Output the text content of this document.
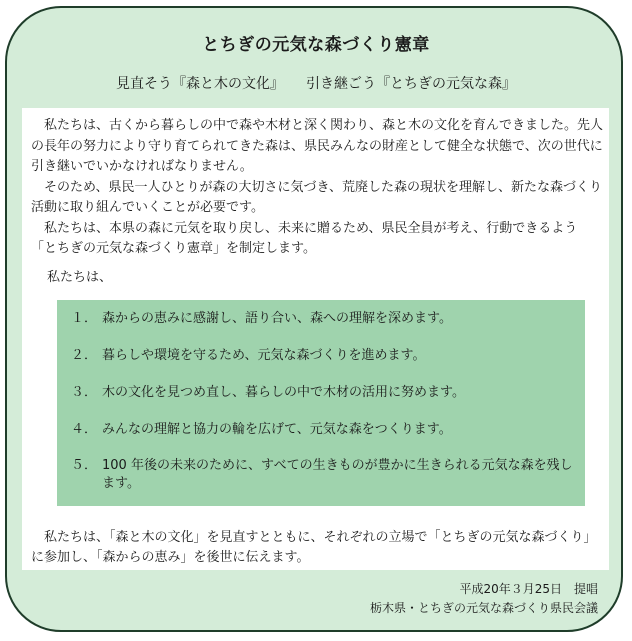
とちぎの元気な森づくり憲章
見直そう『森と木の文化』 引き継ごう『とちぎの元気な森』

私たちは、古くから暮らしの中で森や木材と深く関わり、森と木の文化を育んできました。先人の長年の努力により守り育てられてきた森は、県民みんなの財産として健全な状態で、次の世代に引き継いでいかなければなりません。

そのため、県民一人ひとりが森の大切さに気づき、荒廃した森の現状を理解し、新たな森づくり活動に取り組んでいくことが必要です。

私たちは、本県の森に元気を取り戻し、未来に贈るため、県民全員が考え、行動できるよう「とちぎの元気な森づくり憲章」を制定します。

私たちは、
１． 森からの恵みに感謝し、語り合い、森への理解を深めます。
２． 暮らしや環境を守るため、元気な森づくりを進めます。
３． 木の文化を見つめ直し、暮らしの中で木材の活用に努めます。
４． みんなの理解と協力の輪を広げて、元気な森をつくります。
５． 100 年後の未来のために、すべての生きものが豊かに生きられる元気な森を残します。
私たちは、「森と木の文化」を見直すとともに、それぞれの立場で「とちぎの元気な森づくり」に参加し、「森からの恵み」を後世に伝えます。
平成20年３月25日　提唱
栃木県・とちぎの元気な森づくり県民会議
